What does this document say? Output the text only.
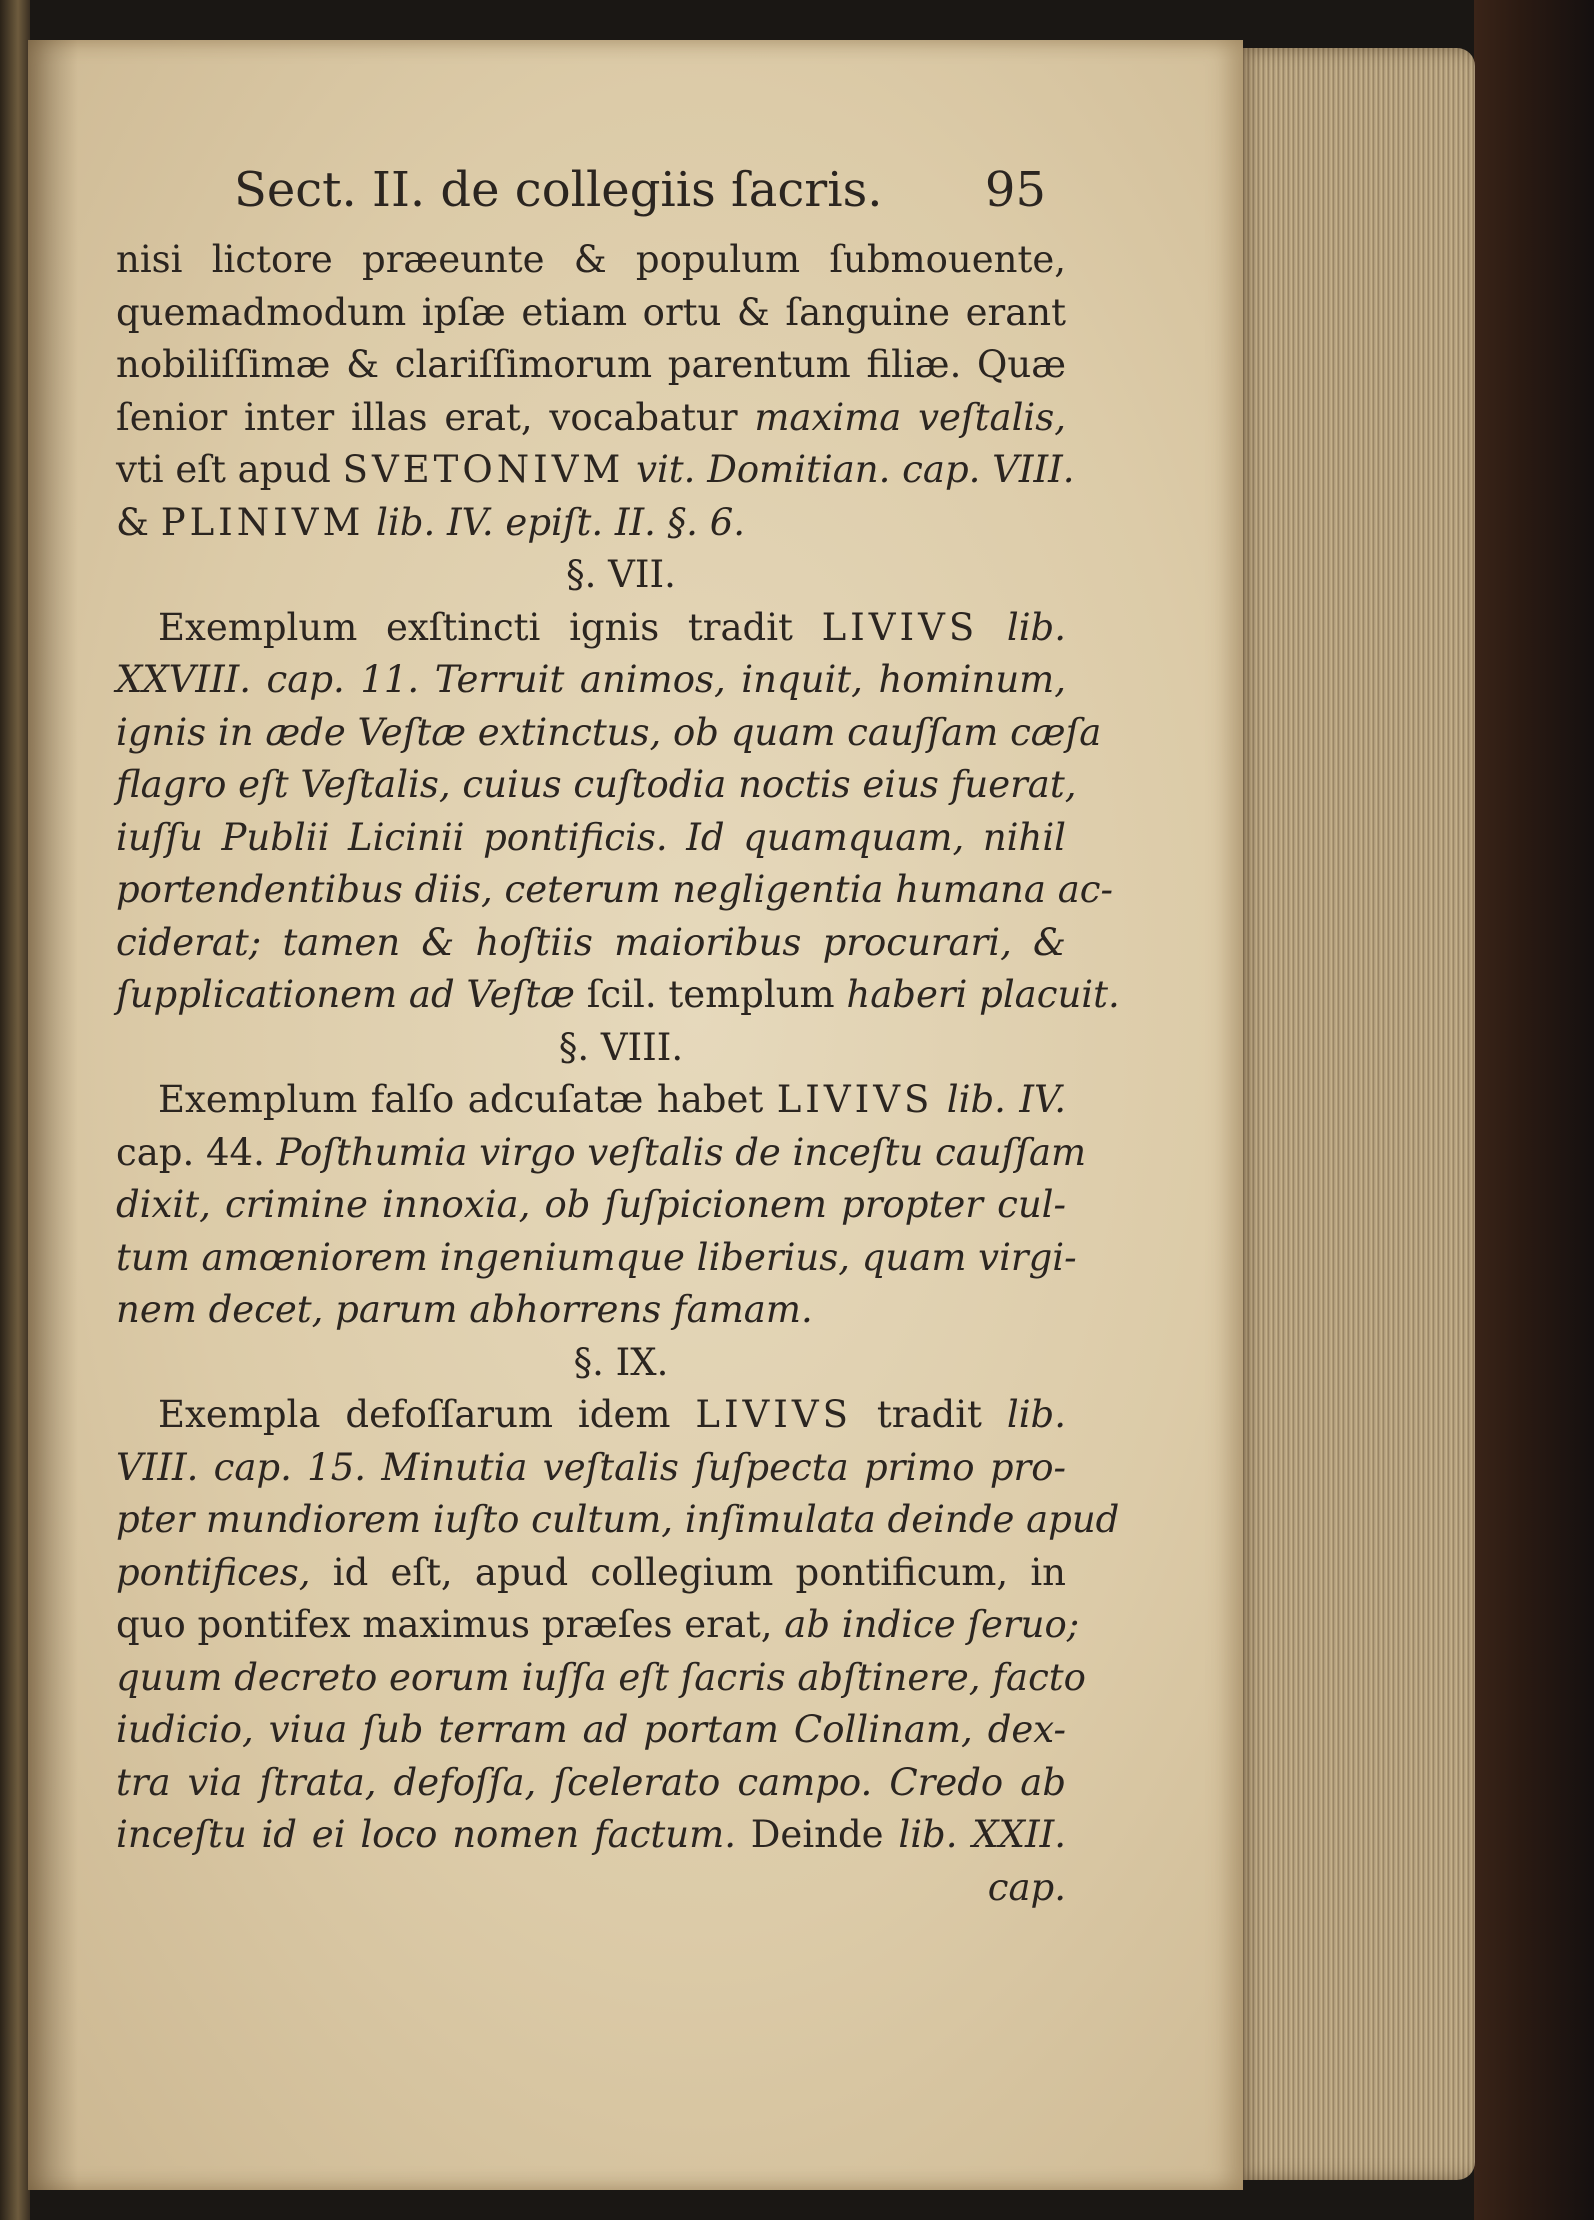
Sect. II. de collegiis ſacris. 95
nisi lictore præeunte & populum ſubmouente,
quemadmodum ipſæ etiam ortu & ſanguine erant
nobiliſſimæ & clariſſimorum parentum filiæ. Quæ
ſenior inter illas erat, vocabatur maxima veſtalis,
vti eſt apud SVETONIVM vit. Domitian. cap. VIII.
& PLINIVM lib. IV. epiſt. II. §. 6.
§. VII.
Exemplum exſtincti ignis tradit LIVIVS lib.
XXVIII. cap. 11. Terruit animos, inquit, hominum,
ignis in æde Veſtæ extinctus, ob quam cauſſam cæſa
flagro eſt Veſtalis, cuius cuſtodia noctis eius fuerat,
iuſſu Publii Licinii pontificis. Id quamquam, nihil
portendentibus diis, ceterum negligentia humana ac-
ciderat; tamen & hoſtiis maioribus procurari, &
ſupplicationem ad Veſtæ ſcil. templum haberi placuit.
§. VIII.
Exemplum falſo adcuſatæ habet LIVIVS lib. IV.
cap. 44. Poſthumia virgo veſtalis de inceſtu cauſſam
dixit, crimine innoxia, ob ſuſpicionem propter cul-
tum amœniorem ingeniumque liberius, quam virgi-
nem decet, parum abhorrens famam.
§. IX.
Exempla defoſſarum idem LIVIVS tradit lib.
VIII. cap. 15. Minutia veſtalis ſuſpecta primo pro-
pter mundiorem iuſto cultum, inſimulata deinde apud
pontifices, id eſt, apud collegium pontificum, in
quo pontifex maximus præſes erat, ab indice ſeruo;
quum decreto eorum iuſſa eſt ſacris abſtinere, facto
iudicio, viua ſub terram ad portam Collinam, dex-
tra via ſtrata, defoſſa, ſcelerato campo. Credo ab
inceſtu id ei loco nomen factum. Deinde lib. XXII.
cap.
